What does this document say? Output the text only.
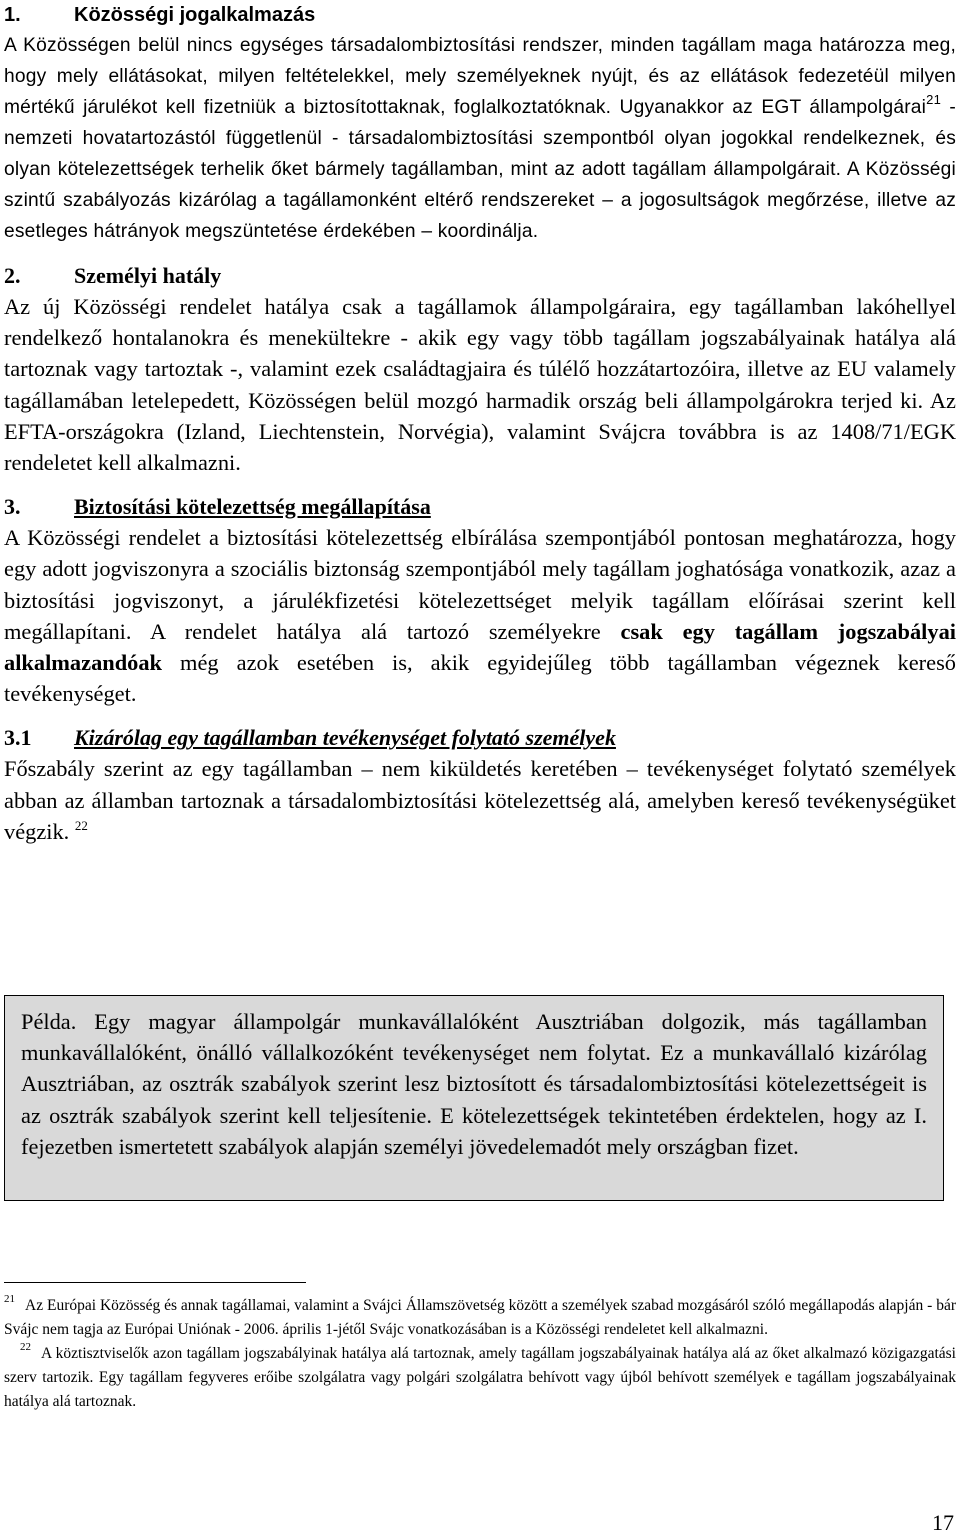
1.	Közösségi jogalkalmazás

A Közösségen belül nincs egységes társadalombiztosítási rendszer, minden tagállam maga határozza meg, hogy mely ellátásokat, milyen feltételekkel, mely személyeknek nyújt, és az ellátások fedezetéül milyen mértékű járulékot kell fizetniük a biztosítottaknak, foglalkoztatóknak. Ugyanakkor az EGT állampolgárai$^{21}$ - nemzeti hovatartozástól függetlenül - társadalombiztosítási szempontból olyan jogokkal rendelkeznek, és olyan kötelezettségek terhelik őket bármely tagállamban, mint az adott tagállam állampolgárait. A Közösségi szintű szabályozás kizárólag a tagállamonként eltérő rendszereket – a jogosultságok megőrzése, illetve az esetleges hátrányok megszüntetése érdekében – koordinálja.

2. Személyi hatály

Az új Közösségi rendelet hatálya csak a tagállamok állampolgáraira, egy tagállamban lakóhellyel rendelkező hontalanokra és menekültekre - akik egy vagy több tagállam jogszabályainak hatálya alá tartoznak vagy tartoztak -, valamint ezek családtagjaira és túlélő hozzátartozóira, illetve az EU valamely tagállamában letelepedett, Közösségen belül mozgó harmadik ország beli állampolgárokra terjed ki. Az EFTA-országokra (Izland, Liechtenstein, Norvégia), valamint Svájcra továbbra is az 1408/71/EGK rendeletet kell alkalmazni.

3. Biztosítási kötelezettség megállapítása

A Közösségi rendelet a biztosítási kötelezettség elbírálása szempontjából pontosan meghatározza, hogy egy adott jogviszonyra a szociális biztonság szempontjából mely tagállam joghatósága vonatkozik, azaz a biztosítási jogviszonyt, a járulékfizetési kötelezettséget melyik tagállam előírásai szerint kell megállapítani. A rendelet hatálya alá tartozó személyekre csak egy tagállam jogszabályai alkalmazandóak még azok esetében is, akik egyidejűleg több tagállamban végeznek kereső tevékenységet.

3.1 Kizárólag egy tagállamban tevékenységet folytató személyek

Főszabály szerint az egy tagállamban – nem kiküldetés keretében – tevékenységet folytató személyek abban az államban tartoznak a társadalombiztosítási kötelezettség alá, amelyben kereső tevékenységüket végzik. $^{22}$

Példa. Egy magyar állampolgár munkavállalóként Ausztriában dolgozik, más tagállamban munkavállalóként, önálló vállalkozóként tevékenységet nem folytat. Ez a munkavállaló kizárólag Ausztriában, az osztrák szabályok szerint lesz biztosított és társadalombiztosítási kötelezettségeit is az osztrák szabályok szerint kell teljesítenie. E kötelezettségek tekintetében érdektelen, hogy az I. fejezetben ismertetett szabályok alapján személyi jövedelemadót mely országban fizet.

$^{21}$ Az Európai Közösség és annak tagállamai, valamint a Svájci Államszövetség között a személyek szabad mozgásáról szóló megállapodás alapján - bár Svájc nem tagja az Európai Uniónak - 2006. április 1-jétől Svájc vonatkozásában is a Közösségi rendeletet kell alkalmazni.

$^{22}$ A köztisztviselők azon tagállam jogszabályinak hatálya alá tartoznak, amely tagállam jogszabályainak hatálya alá az őket alkalmazó közigazgatási szerv tartozik. Egy tagállam fegyveres erőibe szolgálatra vagy polgári szolgálatra behívott vagy újból behívott személyek e tagállam jogszabályainak hatálya alá tartoznak.

17
